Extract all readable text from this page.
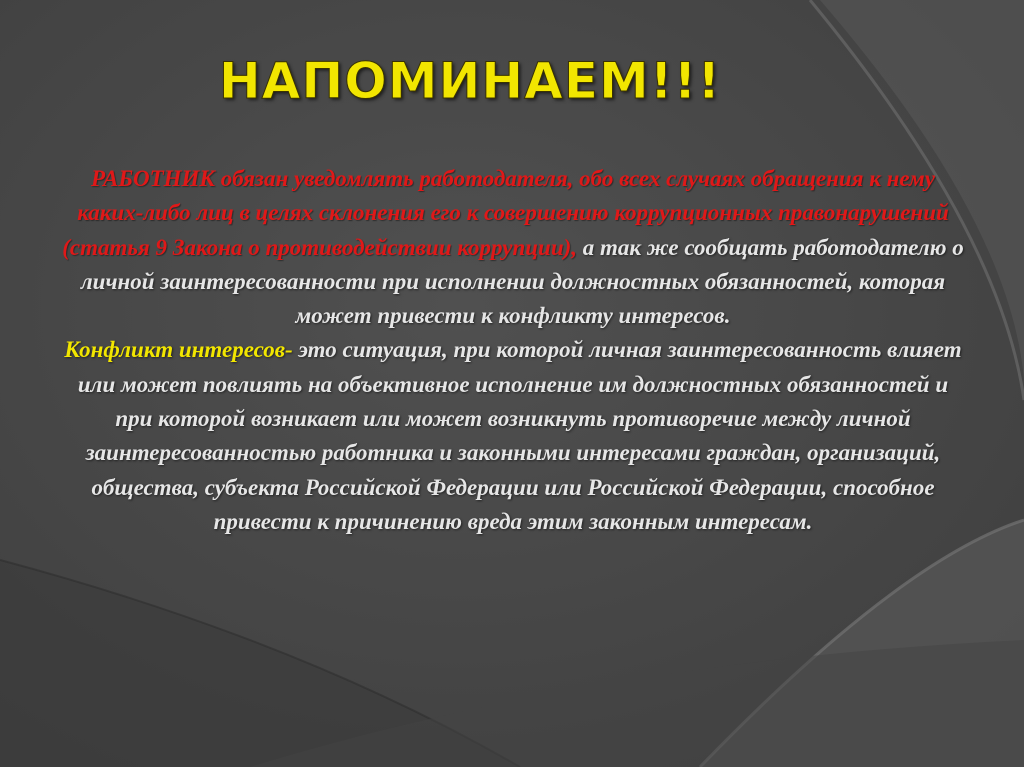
НАПОМИНАЕМ!!!
РАБОТНИК обязан уведомлять работодателя, обо всех случаях обращения к нему каких-либо лиц в целях склонения его к совершению коррупционных правонарушений (статья 9 Закона о противодействии коррупции), а так же сообщать работодателю о личной заинтересованности при исполнении должностных обязанностей, которая может привести к конфликту интересов.
Конфликт интересов- это ситуация, при которой личная заинтересованность влияет или может повлиять на объективное исполнение им должностных обязанностей и при которой возникает или может возникнуть противоречие между личной заинтересованностью работника и законными интересами граждан, организаций, общества, субъекта Российской Федерации или Российской Федерации, способное привести к причинению вреда этим законным интересам.
